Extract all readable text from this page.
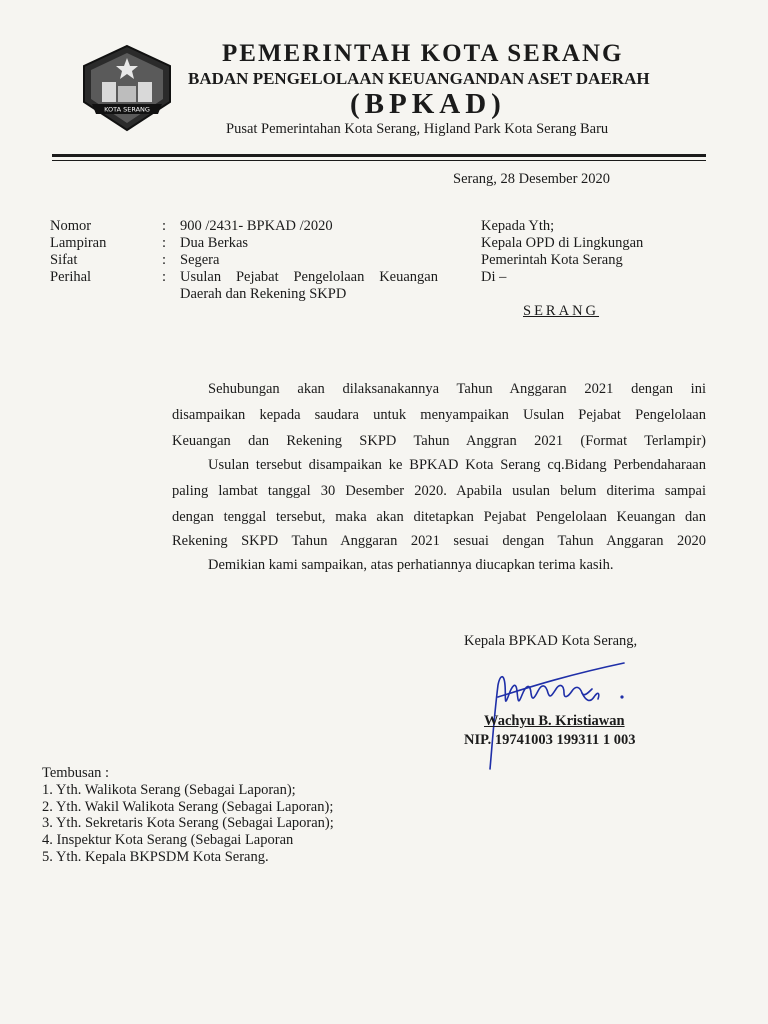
KOTA SERANG
PEMERINTAH KOTA SERANG
BADAN PENGELOLAAN KEUANGANDAN ASET DAERAH
(BPKAD)
Pusat Pemerintahan Kota Serang, Higland Park Kota Serang Baru
Serang, 28 Desember 2020
Nomor	: 900 /2431- BPKAD /2020
Lampiran	: Dua Berkas
Sifat	: Segera
Perihal	: Usulan Pejabat Pengelolaan Keuangan
Daerah dan Rekening SKPD
Kepada Yth;
Kepala OPD di Lingkungan
Pemerintah Kota Serang
Di –
SERANG
Sehubungan akan dilaksanakannya Tahun Anggaran 2021 dengan ini
disampaikan kepada saudara untuk menyampaikan Usulan Pejabat Pengelolaan
Keuangan dan Rekening SKPD Tahun Anggran 2021 (Format Terlampir)
Usulan tersebut disampaikan ke BPKAD Kota Serang cq.Bidang Perbendaharaan
paling lambat tanggal 30 Desember 2020. Apabila usulan belum diterima sampai
dengan tenggal tersebut, maka akan ditetapkan Pejabat Pengelolaan Keuangan dan
Rekening SKPD Tahun Anggaran 2021 sesuai dengan Tahun Anggaran 2020
Demikian kami sampaikan, atas perhatiannya diucapkan terima kasih.
Kepala BPKAD Kota Serang,
Wachyu B. Kristiawan
NIP. 19741003 199311 1 003
Tembusan :
1. Yth. Walikota Serang (Sebagai Laporan);
2. Yth. Wakil Walikota Serang (Sebagai Laporan);
3. Yth. Sekretaris Kota Serang (Sebagai Laporan);
4. Inspektur Kota Serang (Sebagai Laporan
5. Yth. Kepala BKPSDM Kota Serang.
